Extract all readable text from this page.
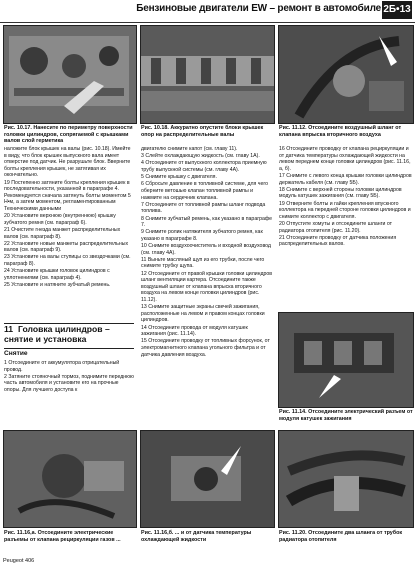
Бензиновые двигатели EW – ремонт в автомобиле 2Б•13
Рис. 10.17. Нанесите по периметру поверхности головки цилиндров, сопрягаемой с крышками валов слой герметика
Рис. 10.18. Аккуратно опустите блоки крышек опор на распределительные валы
Рис. 11.12. Отсоедините воздушный шланг от клапана впрыска вторичного воздуха

наложите блок крышек на валы (рис. 10.18). Имейте в виду, что блок крышек выпускного вала имеет отверстие под датчик. Не разрушьте блок. Вверните болты крепления крышек, не затягивая их окончательно.

19 Постепенно затяните болты крепления крышек в последовательности, указанной в параграфе 4. Рекомендуется сначала затянуть болты моментом 5 Н•м, а затем моментом, регламентированным Техническими данными

20 Установите верхнюю (внутреннюю) крышку зубчатого ремня (см. параграф 6).

21 Очистите гнезда манжет распределительных валов (см. параграф 8).

22 Установите новые манжеты распределительных валов (см. параграф 9).

23 Установите на валы ступицы со звездочками (см. параграф 8).

24 Установите крышки головок цилиндров с уплотнениями (см. параграф 4).

25 Установите и натяните зубчатый ремень.

11 Головка цилиндров – снятие и установка
Снятие

1 Отсоедините от аккумулятора отрицательный провод.

2 Затяните стояночный тормоз, поднимите переднюю часть автомобиля и установите его на прочные опоры. Для лучшего доступа к

двигателю снимите капот (см. главу 11).

3 Слейте охлаждающую жидкость (см. главу 1А).

4 Отсоедините от выпускного коллектора приемную трубу выпускной системы (см. главу 4А).

5 Снимите крышку с двигателя.

6 Сбросьте давление в топливной системе, для чего оберните ветошью клапан топливной рампы и нажмите на сердечник клапана.

7 Отсоедините от топливной рампы шланг подвода топлива.

8 Снимите зубчатый ремень, как указано в параграфе 7.

9 Снимите ролик натяжителя зубчатого ремня, как указано в параграфе 8.

10 Снимите воздухоочиститель и входной воздуховод (см. главу 4А).

11 Выньте масляный щуп из его трубки, после чего снимите трубку щупа.

12 Отсоедините от правой крышки головки цилиндров шланг вентиляции картера. Отсоедините также воздушный шланг от клапана впрыска вторичного воздуха на левом конце головки цилиндров (рис. 11.12).

13 Снимите защитные экраны свечей зажигания, расположенные на левом и правом концах головки цилиндров.

14 Отсоедините провода от модуля катушек зажигания (рис. 11.14).

15 Отсоедините проводку от топливных форсунок, от электромагнитного клапана угольного фильтра и от датчика давления воздуха.

16 Отсоедините проводку от клапана рециркуляции и от датчика температуры охлаждающей жидкости на левом переднем конце головки цилиндров (рис. 11.16, а, б).

17 Снимите с левого конца крышки головки цилиндров держатель кабеля (см. главу 5Б).

18 Снимите с верхней стороны головки цилиндров модуль катушек зажигания (см. главу 5Б).

19 Отверните болты и гайки крепления впускного коллектора на передней стороне головки цилиндров и снимите коллектор с двигателя.

20 Отпустите хомуты и отсоедините шланги от радиатора отопителя (рис. 11.20).

21 Отсоедините проводку от датчика положения распределительных валов.

Рис. 11.14. Отсоедините электрический разъем от модуля катушек зажигания
Рис. 11.16,а. Отсоедините электрические разъемы от клапана рециркуляции газов ...
Рис. 11.16,б. ... и от датчика температуры охлаждающей жидкости
Рис. 11.20. Отсоедините два шланга от трубок радиатора отопителя
Peugeot 406
